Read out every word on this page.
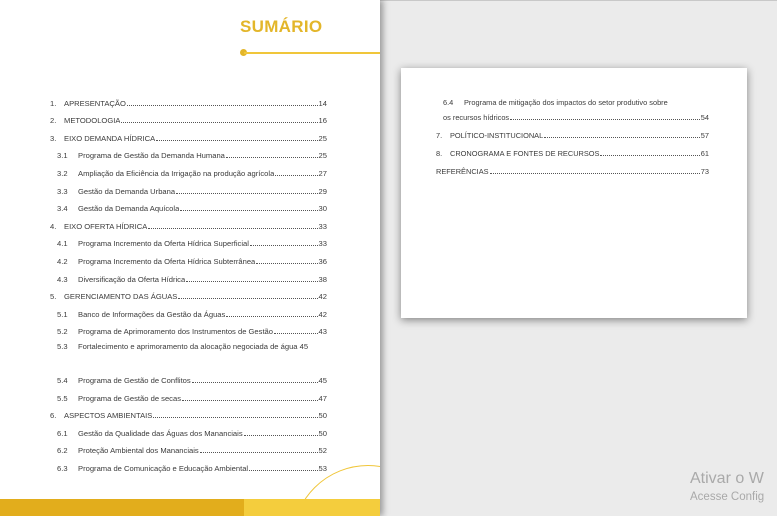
SUMÁRIO
1.	APRESENTAÇÃO	14
2.	METODOLOGIA	16
3.	EIXO DEMANDA HÍDRICA	25
3.1	Programa de Gestão da Demanda Humana	25
3.2	Ampliação da Eficiência da Irrigação na produção agrícola	27
3.3	Gestão da Demanda Urbana	29
3.4	Gestão da Demanda Aquícola	30
4.	EIXO OFERTA HÍDRICA	33
4.1	Programa Incremento da Oferta Hídrica Superficial	33
4.2	Programa Incremento da Oferta Hídrica Subterrânea	36
4.3	Diversificação da Oferta Hídrica	38
5.	GERENCIAMENTO DAS ÁGUAS	42
5.1	Banco de Informações da Gestão da Águas	42
5.2	Programa de Aprimoramento dos Instrumentos de Gestão	43
5.3 Fortalecimento e aprimoramento da alocação negociada de água 45
5.4	Programa de Gestão de Conflitos	45
5.5	Programa de Gestão de secas	47
6.	ASPECTOS AMBIENTAIS	50
6.1	Gestão da Qualidade das Águas dos Mananciais	50
6.2	Proteção Ambiental dos Mananciais	52
6.3	Programa de Comunicação e Educação Ambiental	53
6.4 Programa de mitigação dos impactos do setor produtivo sobre
os recursos hídricos	54
7.	POLÍTICO-INSTITUCIONAL	57
8.	CRONOGRAMA E FONTES DE RECURSOS	61
REFERÊNCIAS	73
Ativar o W
Acesse Config
